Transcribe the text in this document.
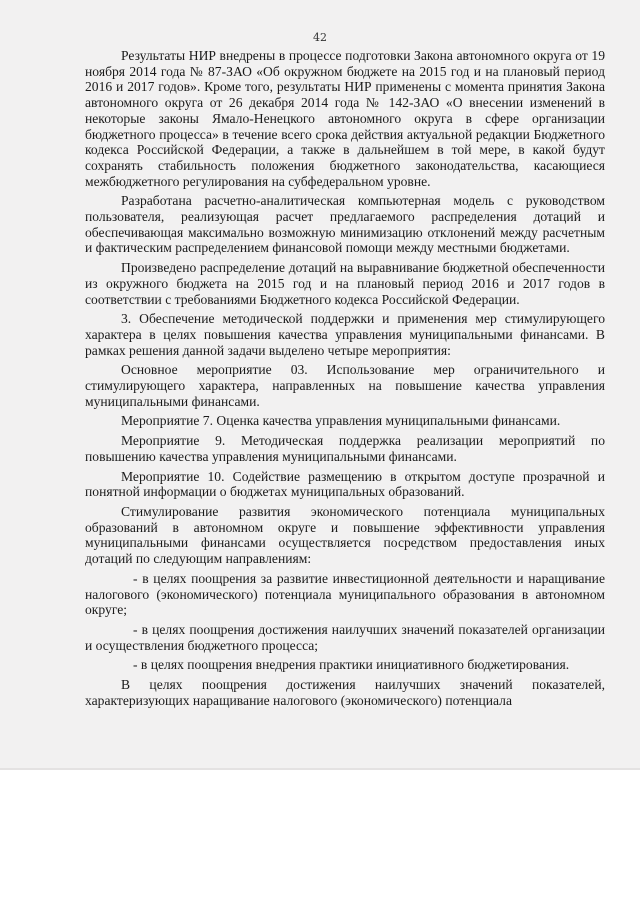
42

Результаты НИР внедрены в процессе подготовки Закона автономного округа от 19 ноября 2014 года № 87-ЗАО «Об окружном бюджете на 2015 год и на плановый период 2016 и 2017 годов». Кроме того, результаты НИР применены с момента принятия Закона автономного округа от 26 декабря 2014 года № 142-ЗАО «О внесении изменений в некоторые законы Ямало-Ненецкого автономного округа в сфере организации бюджетного процесса» в течение всего срока действия актуальной редакции Бюджетного кодекса Российской Федерации, а также в дальнейшем в той мере, в какой будут сохранять стабильность положения бюджетного законодательства, касающиеся межбюджетного регулирования на субфедеральном уровне.

Разработана расчетно-аналитическая компьютерная модель с руководством пользователя, реализующая расчет предлагаемого распределения дотаций и обеспечивающая максимально возможную минимизацию отклонений между расчетным и фактическим распределением финансовой помощи между местными бюджетами.

Произведено распределение дотаций на выравнивание бюджетной обеспеченности из окружного бюджета на 2015 год и на плановый период 2016 и 2017 годов в соответствии с требованиями Бюджетного кодекса Российской Федерации.

3. Обеспечение методической поддержки и применения мер стимулирующего характера в целях повышения качества управления муниципальными финансами. В рамках решения данной задачи выделено четыре мероприятия:

Основное мероприятие 03. Использование мер ограничительного и стимулирующего характера, направленных на повышение качества управления муниципальными финансами.

Мероприятие 7. Оценка качества управления муниципальными финансами.

Мероприятие 9. Методическая поддержка реализации мероприятий по повышению качества управления муниципальными финансами.

Мероприятие 10. Содействие размещению в открытом доступе прозрачной и понятной информации о бюджетах муниципальных образований.

Стимулирование развития экономического потенциала муниципальных образований в автономном округе и повышение эффективности управления муниципальными финансами осуществляется посредством предоставления иных дотаций по следующим направлениям:

- в целях поощрения за развитие инвестиционной деятельности и наращивание налогового (экономического) потенциала муниципального образования в автономном округе;

- в целях поощрения достижения наилучших значений показателей организации и осуществления бюджетного процесса;

- в целях поощрения внедрения практики инициативного бюджетирования.

В целях поощрения достижения наилучших значений показателей, характеризующих наращивание налогового (экономического) потенциала
